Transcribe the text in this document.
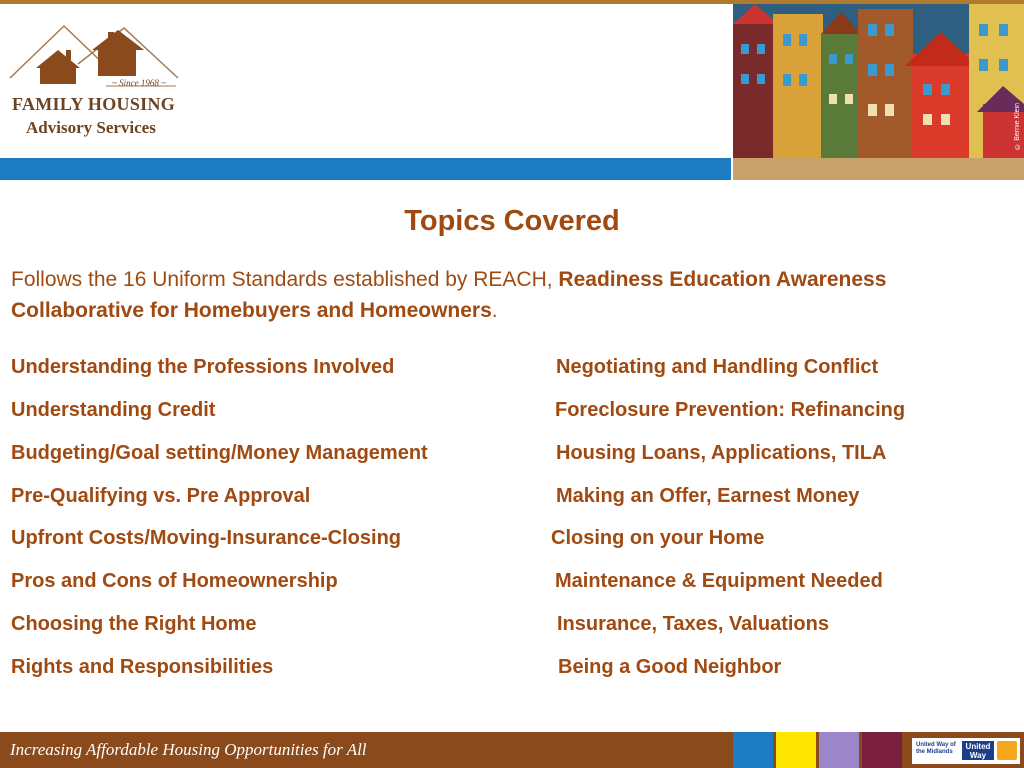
~ Since 1968 ~
FAMILY HOUSING
Advisory Services	© Bernie Klein
Topics Covered
Follows the 16 Uniform Standards established by REACH, Readiness Education Awareness Collaborative for Homebuyers and Homeowners.
Understanding the Professions Involved
Understanding Credit
Budgeting/Goal setting/Money Management
Pre-Qualifying vs. Pre Approval
Upfront Costs/Moving-Insurance-Closing
Pros and Cons of Homeownership
Choosing the Right Home
Rights and Responsibilities
Negotiating and Handling Conflict
Foreclosure Prevention: Refinancing
Housing Loans, Applications, TILA
Making an Offer, Earnest Money
Closing on your Home
Maintenance & Equipment Needed
Insurance, Taxes, Valuations
Being a Good Neighbor
Increasing Affordable Housing Opportunities for All	United Way of the Midlands
United Way
